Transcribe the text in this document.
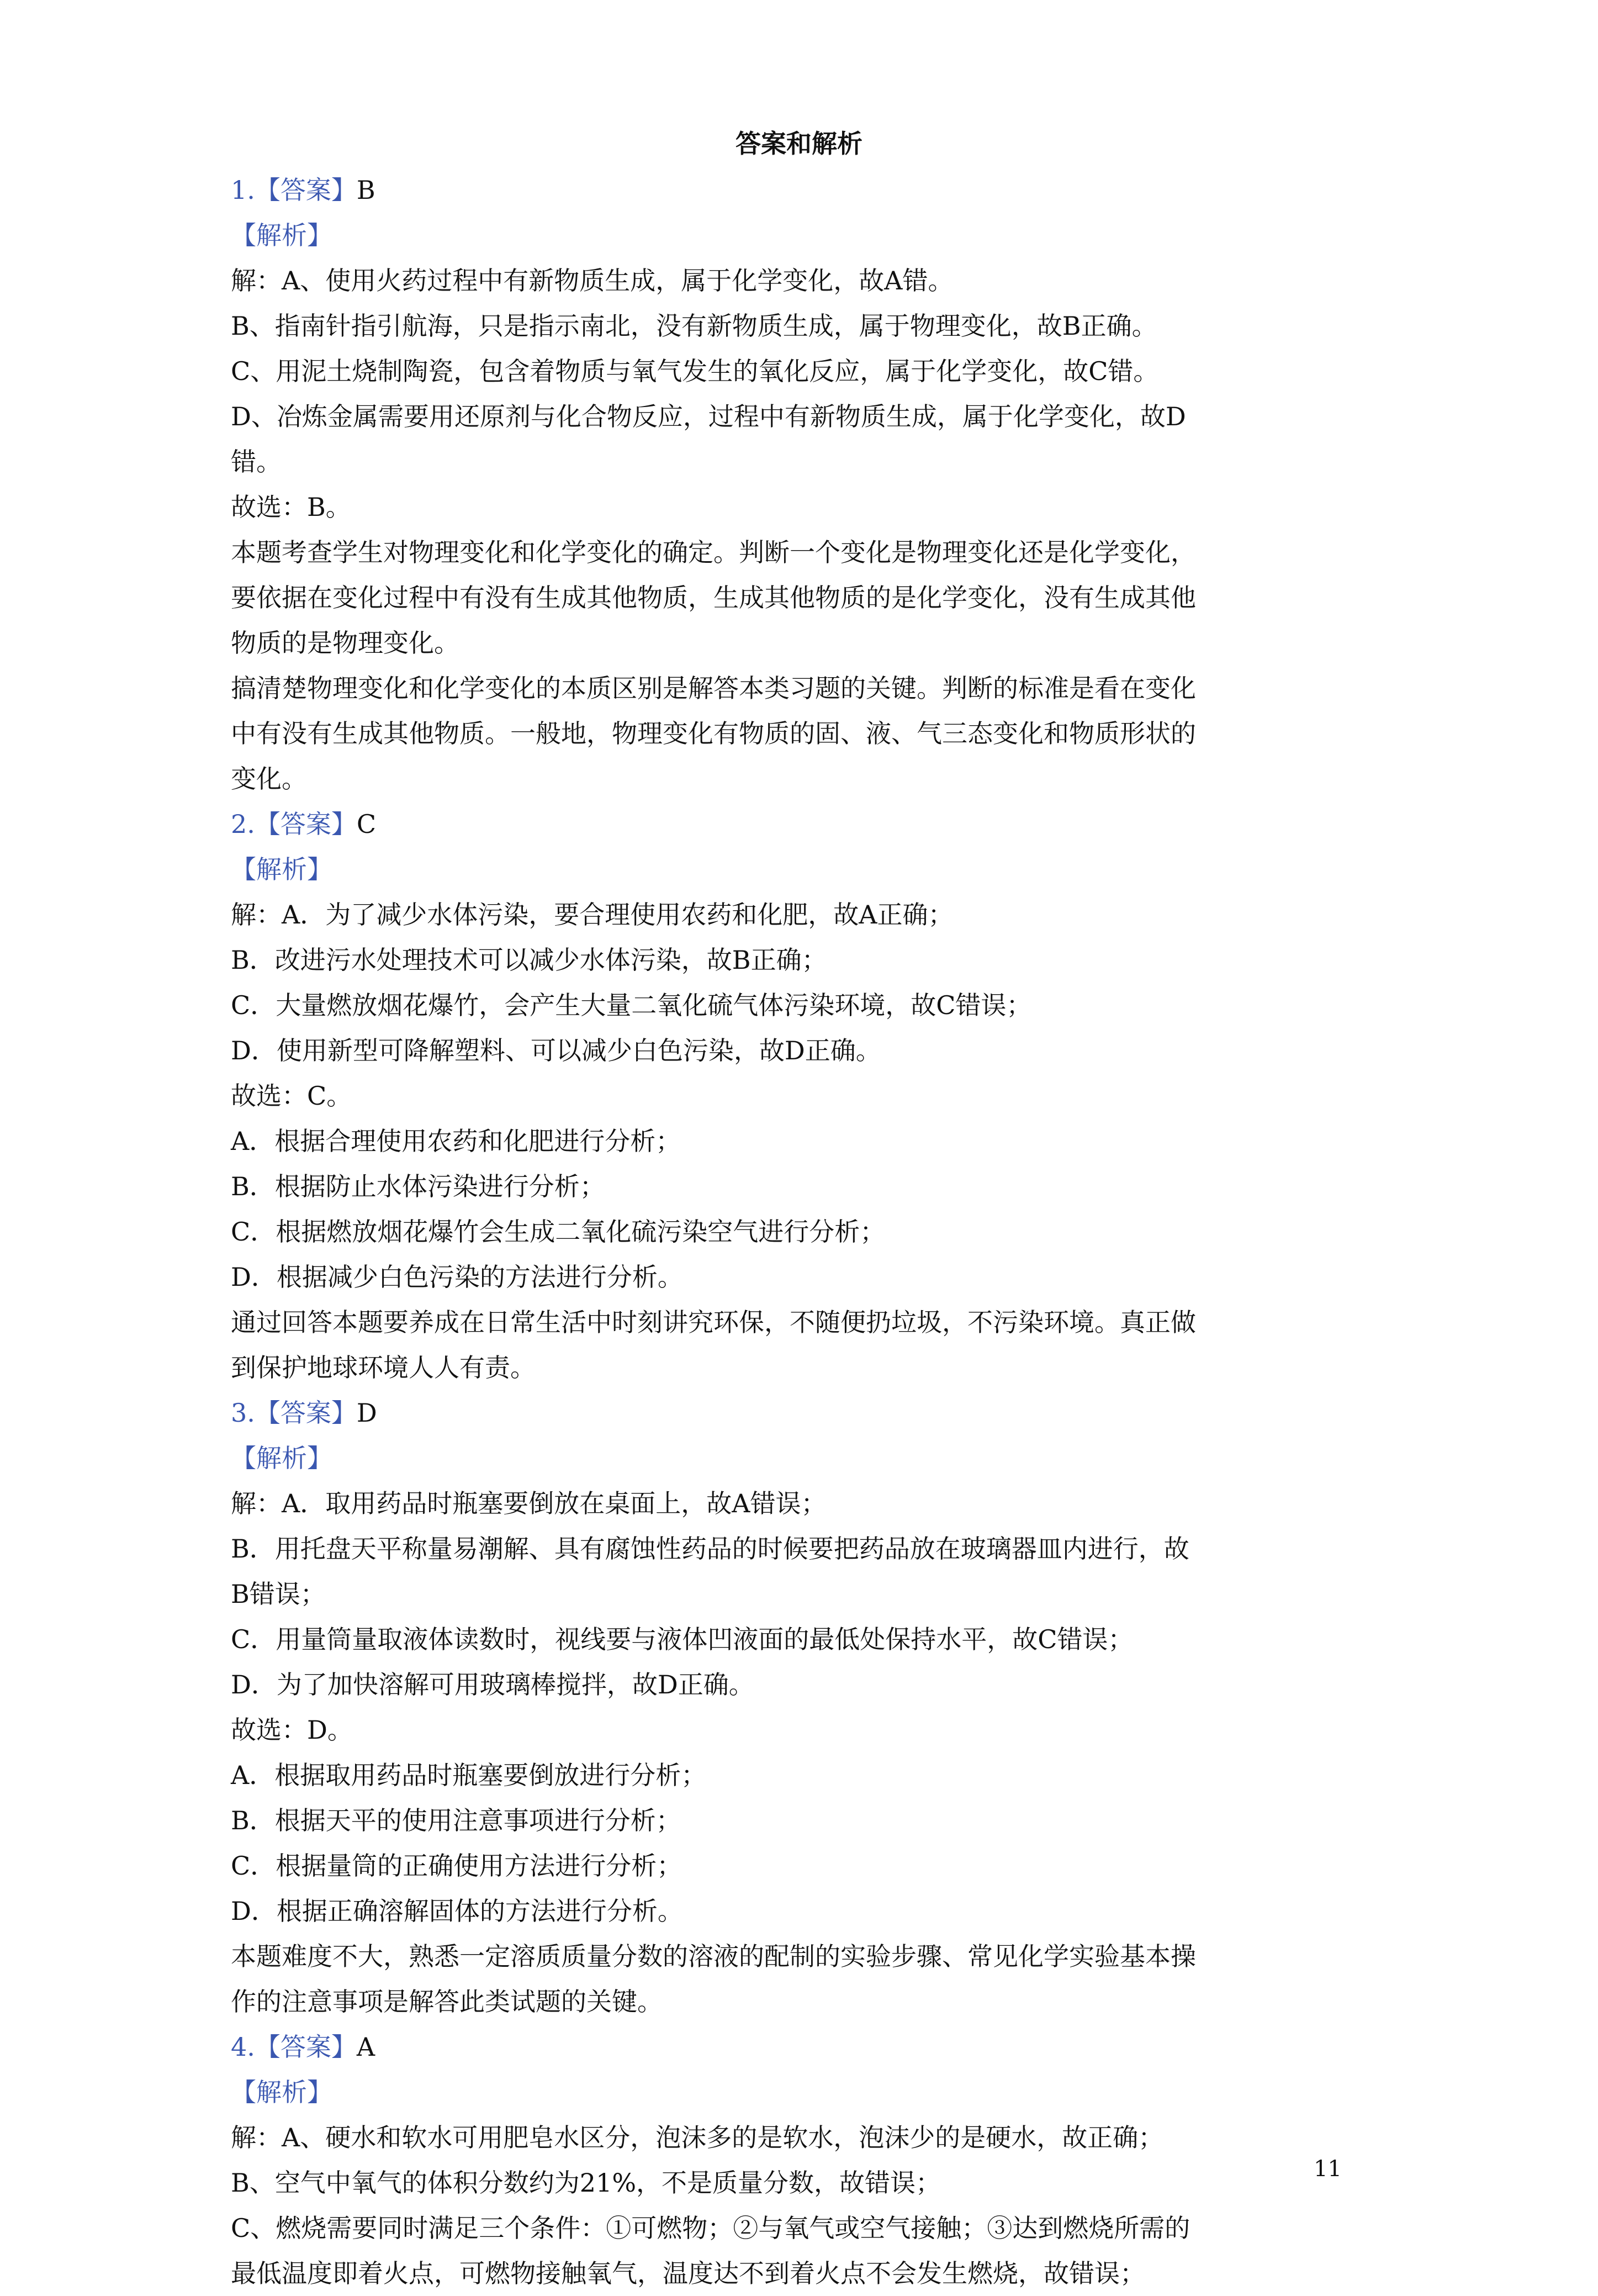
答案和解析
1.【答案】B
【解析】
解：A、使用火药过程中有新物质生成，属于化学变化，故A错。
B、指南针指引航海，只是指示南北，没有新物质生成，属于物理变化，故B正确。
C、用泥土烧制陶瓷，包含着物质与氧气发生的氧化反应，属于化学变化，故C错。
D、冶炼金属需要用还原剂与化合物反应，过程中有新物质生成，属于化学变化，故D
错。
故选：B。
本题考查学生对物理变化和化学变化的确定。判断一个变化是物理变化还是化学变化，
要依据在变化过程中有没有生成其他物质，生成其他物质的是化学变化，没有生成其他
物质的是物理变化。
搞清楚物理变化和化学变化的本质区别是解答本类习题的关键。判断的标准是看在变化
中有没有生成其他物质。一般地，物理变化有物质的固、液、气三态变化和物质形状的
变化。
2.【答案】C
【解析】
解：A．为了减少水体污染，要合理使用农药和化肥，故A正确；
B．改进污水处理技术可以减少水体污染，故B正确；
C．大量燃放烟花爆竹，会产生大量二氧化硫气体污染环境，故C错误；
D．使用新型可降解塑料、可以减少白色污染，故D正确。
故选：C。
A．根据合理使用农药和化肥进行分析；
B．根据防止水体污染进行分析；
C．根据燃放烟花爆竹会生成二氧化硫污染空气进行分析；
D．根据减少白色污染的方法进行分析。
通过回答本题要养成在日常生活中时刻讲究环保，不随便扔垃圾，不污染环境。真正做
到保护地球环境人人有责。
3.【答案】D
【解析】
解：A．取用药品时瓶塞要倒放在桌面上，故A错误；
B．用托盘天平称量易潮解、具有腐蚀性药品的时候要把药品放在玻璃器皿内进行，故
B错误；
C．用量筒量取液体读数时，视线要与液体凹液面的最低处保持水平，故C错误；
D．为了加快溶解可用玻璃棒搅拌，故D正确。
故选：D。
A．根据取用药品时瓶塞要倒放进行分析；
B．根据天平的使用注意事项进行分析；
C．根据量筒的正确使用方法进行分析；
D．根据正确溶解固体的方法进行分析。
本题难度不大，熟悉一定溶质质量分数的溶液的配制的实验步骤、常见化学实验基本操
作的注意事项是解答此类试题的关键。
4.【答案】A
【解析】
解：A、硬水和软水可用肥皂水区分，泡沫多的是软水，泡沫少的是硬水，故正确；
B、空气中氧气的体积分数约为21%，不是质量分数，故错误；
C、燃烧需要同时满足三个条件：①可燃物；②与氧气或空气接触；③达到燃烧所需的
最低温度即着火点，可燃物接触氧气，温度达不到着火点不会发生燃烧，故错误；
11
